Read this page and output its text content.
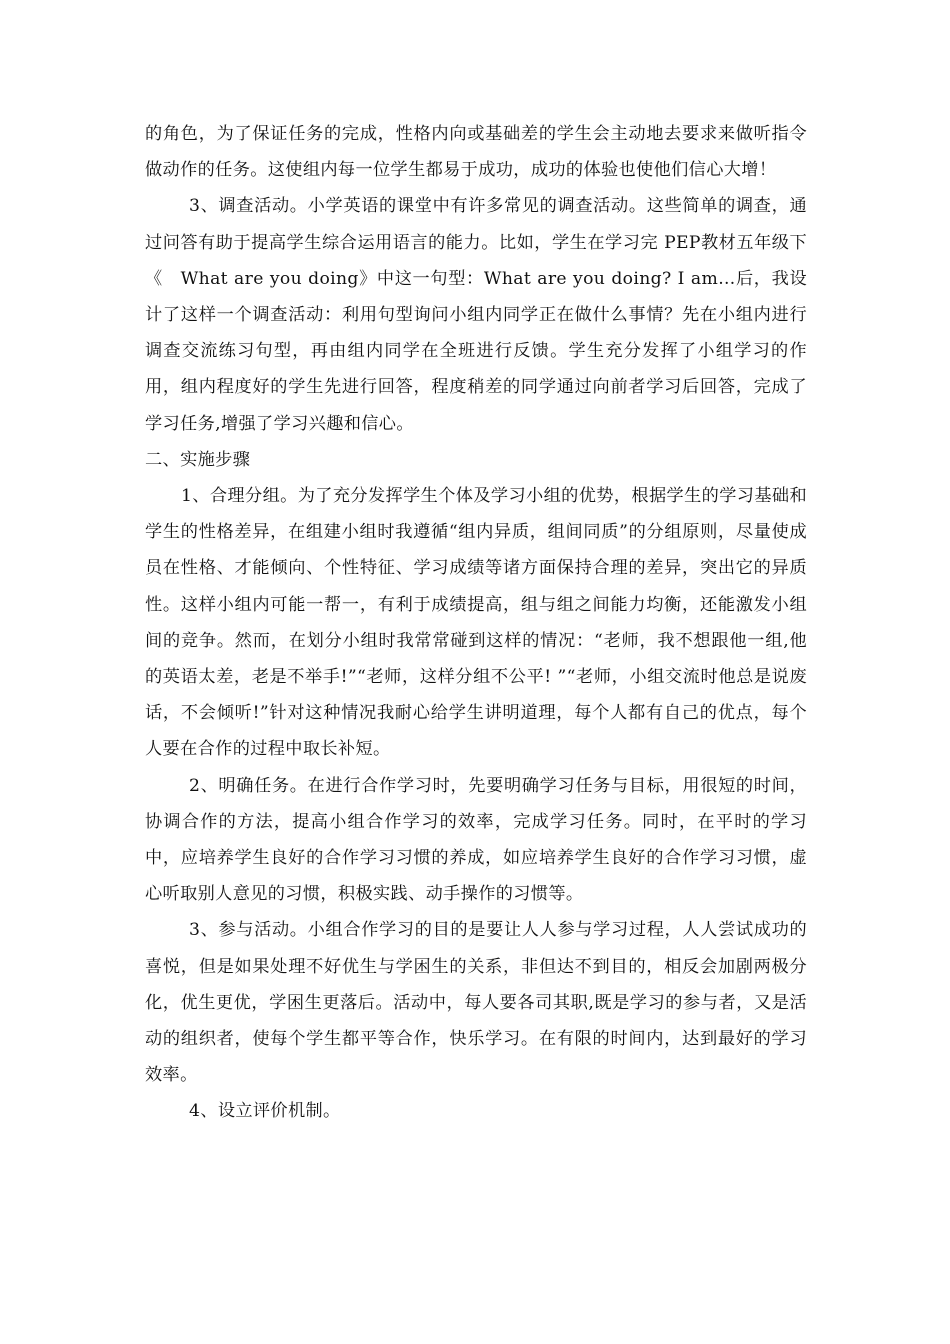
的角色，为了保证任务的完成，性格内向或基础差的学生会主动地去要求来做听指令做动作的任务。这使组内每一位学生都易于成功，成功的体验也使他们信心大增！

3、调查活动。小学英语的课堂中有许多常见的调查活动。这些简单的调查，通过问答有助于提高学生综合运用语言的能力。比如，学生在学习完 PEP教材五年级下《　What are you doing》中这一句型：What are you doing? I am…后，我设计了这样一个调查活动：利用句型询问小组内同学正在做什么事情？先在小组内进行调查交流练习句型，再由组内同学在全班进行反馈。学生充分发挥了小组学习的作用，组内程度好的学生先进行回答，程度稍差的同学通过向前者学习后回答，完成了学习任务,增强了学习兴趣和信心。

二、实施步骤

1、合理分组。为了充分发挥学生个体及学习小组的优势，根据学生的学习基础和学生的性格差异，在组建小组时我遵循“组内异质，组间同质”的分组原则，尽量使成员在性格、才能倾向、个性特征、学习成绩等诸方面保持合理的差异，突出它的异质性。这样小组内可能一帮一，有利于成绩提高，组与组之间能力均衡，还能激发小组间的竞争。然而，在划分小组时我常常碰到这样的情况：“老师，我不想跟他一组,他的英语太差，老是不举手!”“老师，这样分组不公平! ”“老师，小组交流时他总是说废话，不会倾听!”针对这种情况我耐心给学生讲明道理，每个人都有自己的优点，每个人要在合作的过程中取长补短。

2、明确任务。在进行合作学习时，先要明确学习任务与目标，用很短的时间，协调合作的方法，提高小组合作学习的效率，完成学习任务。同时，在平时的学习中，应培养学生良好的合作学习习惯的养成，如应培养学生良好的合作学习习惯，虚心听取别人意见的习惯，积极实践、动手操作的习惯等。

3、参与活动。小组合作学习的目的是要让人人参与学习过程，人人尝试成功的喜悦，但是如果处理不好优生与学困生的关系，非但达不到目的，相反会加剧两极分化，优生更优，学困生更落后。活动中，每人要各司其职,既是学习的参与者，又是活动的组织者，使每个学生都平等合作，快乐学习。在有限的时间内，达到最好的学习效率。

4、设立评价机制。
